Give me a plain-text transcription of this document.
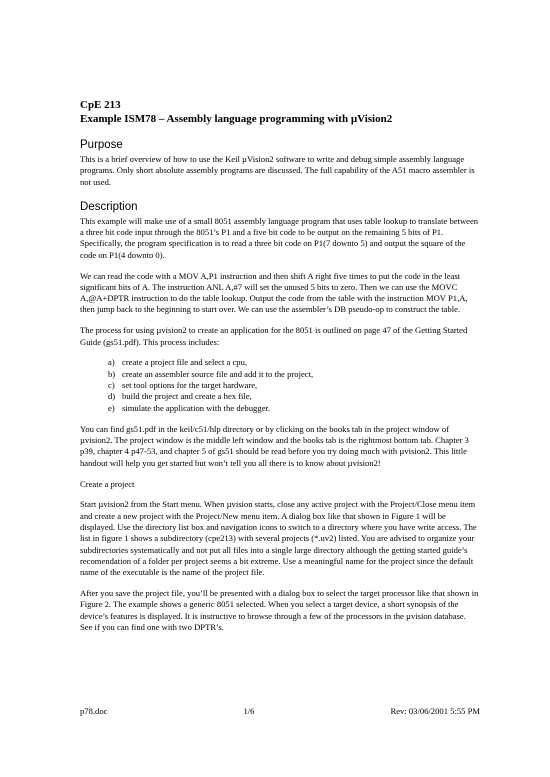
CpE 213

Example ISM78 – Assembly language programming with µVision2

Purpose

This is a brief overview of how to use the Keil µVision2 software to write and debug simple assembly language programs. Only short absolute assembly programs are discussed. The full capability of the A51 macro assembler is not used.

Description

This example will make use of a small 8051 assembly language program that uses table lookup to translate between a three bit code input through the 8051’s P1 and a five bit code to be output on the remaining 5 bits of P1. Specifically, the program specification is to read a three bit code on P1(7 downto 5) and output the square of the code on P1(4 downto 0).

We can read the code with a MOV A,P1 instruction and then shift A right five times to put the code in the least significant bits of A. The instruction ANL A,#7 will set the unused 5 bits to zero. Then we can use the MOVC A,@A+DPTR instruction to do the table lookup. Output the code from the table with the instruction MOV P1,A, then jump back to the beginning to start over. We can use the assembler’s DB pseudo-op to construct the table.

The process for using µvision2 to create an application for the 8051 is outlined on page 47 of the Getting Started Guide (gs51.pdf). This process includes:

a) create a project file and select a cpu,
b) create an assembler source file and add it to the project,
c) set tool options for the target hardware,
d) build the project and create a hex file,
e) simulate the application with the debugger.

You can find gs51.pdf in the keil/c51/hlp directory or by clicking on the books tab in the project window of µvision2. The project window is the middle left window and the books tab is the rightmost bottom tab. Chapter 3 p39, chapter 4 p47-53, and chapter 5 of gs51 should be read before you try doing much with µvision2. This little handout will help you get started but won’t tell you all there is to know about µvision2!

Create a project

Start µvision2 from the Start menu. When µvision starts, close any active project with the Project/Close menu item and create a new project with the Project/New menu item. A dialog box like that shown in Figure 1 will be displayed. Use the directory list box and navigation icons to switch to a directory where you have write access. The list in figure 1 shows a subdirectory (cpe213) with several projects (*.uv2) listed. You are advised to organize your subdirectories systematically and not put all files into a single large directory although the getting started guide’s recomendation of a folder per project seems a bit extreme. Use a meaningful name for the project since the default name of the executable is the name of the project file.

After you save the project file, you’ll be presented with a dialog box to select the target processor like that shown in Figure 2. The example shows a generic 8051 selected. When you select a target device, a short synopsis of the device’s features is displayed. It is instructive to browse through a few of the processors in the µvision database. See if you can find one with two DPTR’s.

p78.doc	1/6	Rev: 03/06/2001 5:55 PM
